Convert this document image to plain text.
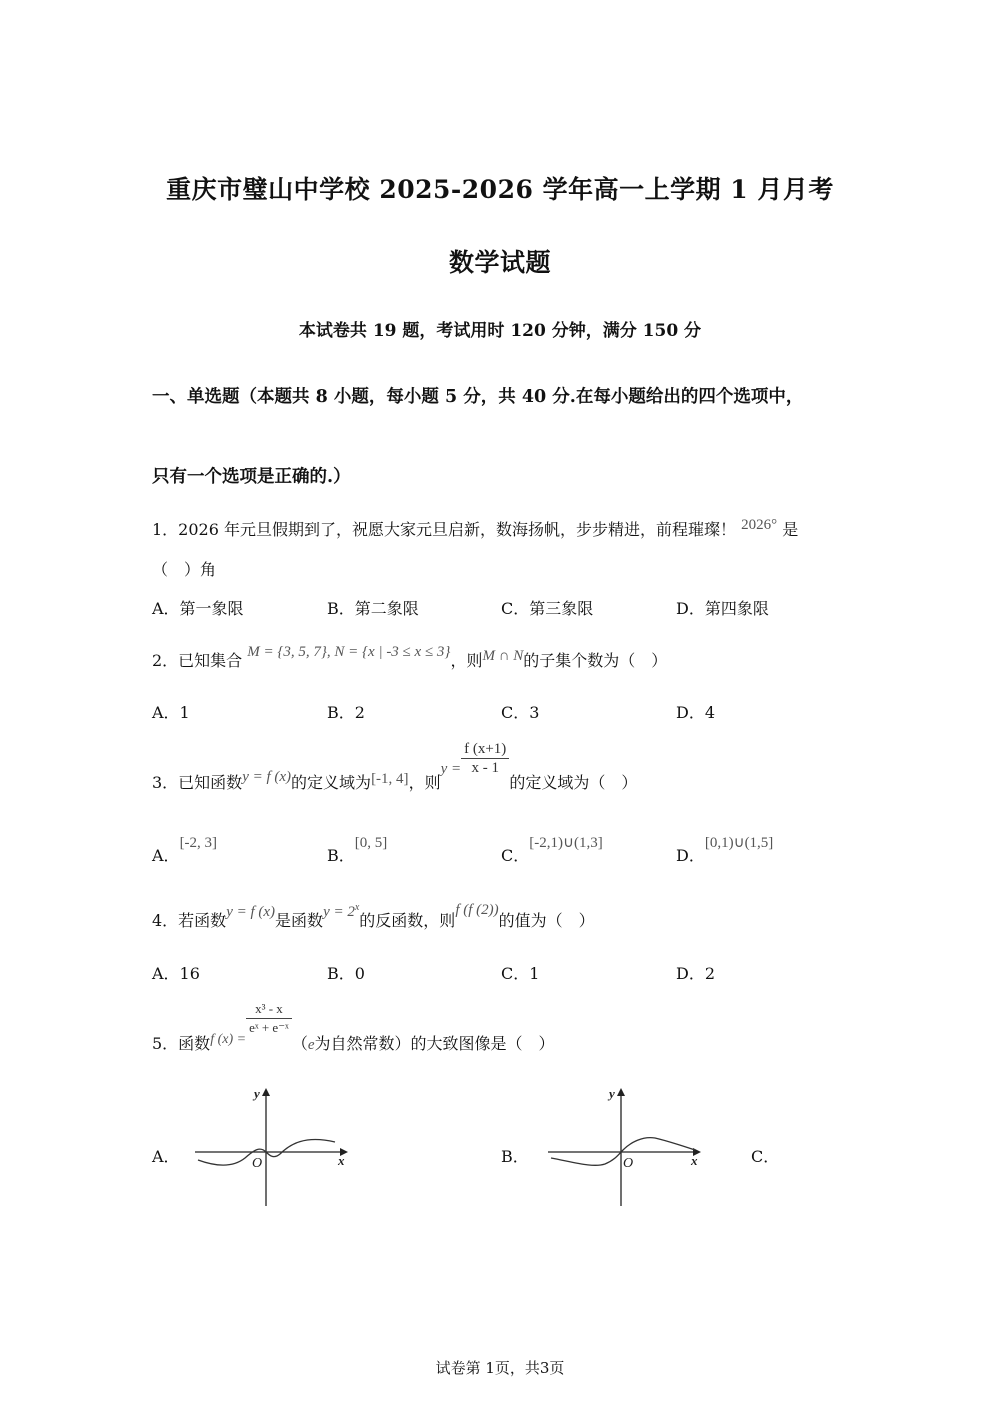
重庆市璧山中学校 2025-2026 学年高一上学期 1 月月考
数学试题
本试卷共 19 题，考试用时 120 分钟，满分 150 分
一、单选题（本题共 8 小题，每小题 5 分，共 40 分.在每小题给出的四个选项中，
只有一个选项是正确的.）
1．2026 年元旦假期到了，祝愿大家元旦启新，数海扬帆，步步精进，前程璀璨！ 2026° 是
（　）角
A．第一象限	B．第二象限	C．第三象限	D．第四象限
2．已知集合 M = {3, 5, 7}, N = {x | -3 ≤ x ≤ 3}，则M ∩ N的子集个数为（　）
A．1	B．2	C．3	D．4
3．已知函数y = f (x)的定义域为[-1, 4]，则$y = \frac{f (x+1)}{x - 1}$
的定义域为（　）
A．[-2, 3]
B．[0, 5]
C．[-2,1)∪(1,3]
D．[0,1)∪(1,5]
4．若函数y = f (x)是函数$y = 2^x$的反函数，则f (f (2))的值为（　）
A．16	B．0	C．1	D．2
5．函数f (x) =
$\frac{\text{x³ - x}}{\text{eˣ + e⁻ˣ}}$
（e为自然常数）的大致图像是（　）
A．
y
x
O	B．
y
x
O	C．
试卷第 1页，共3页
